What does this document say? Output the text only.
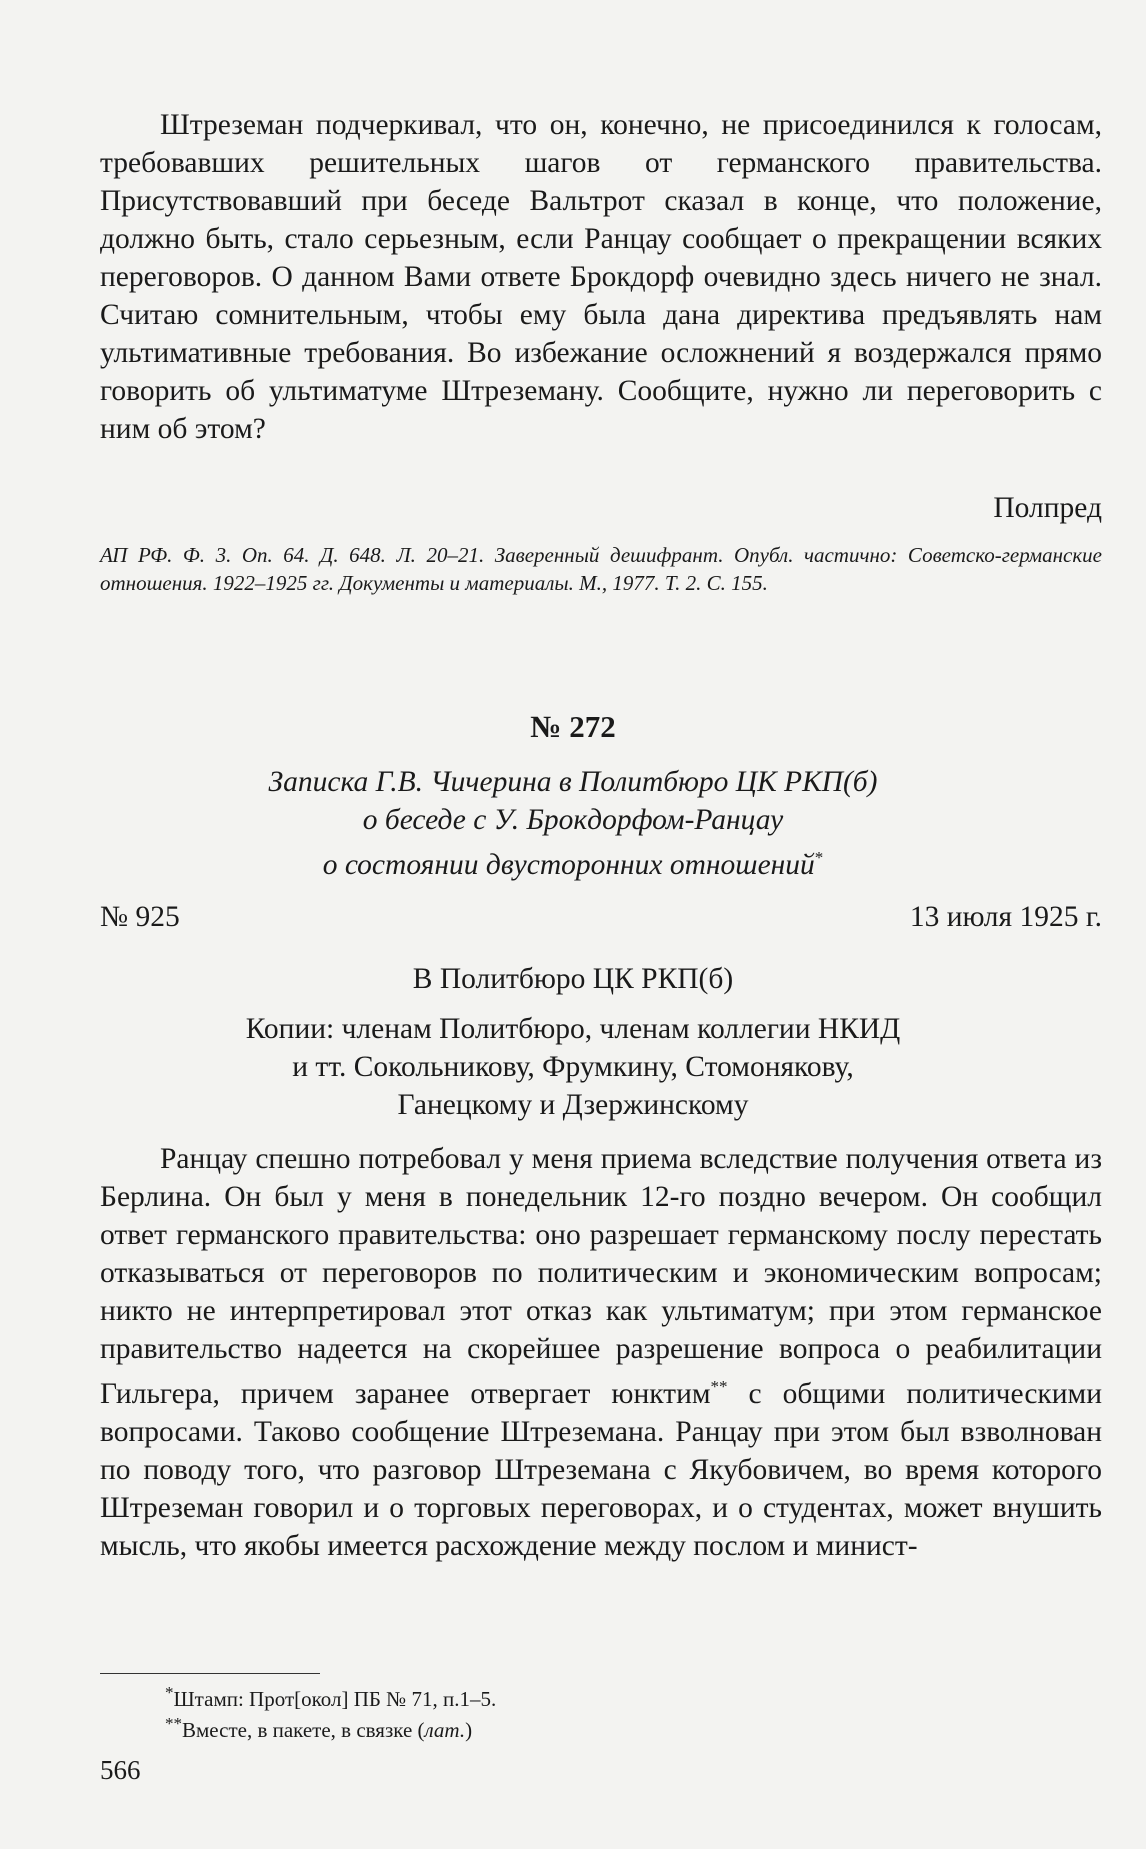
Штреземан подчеркивал, что он, конечно, не присоединился к голосам, требовавших решительных шагов от германского правительства. Присутствовавший при беседе Вальтрот сказал в конце, что положение, должно быть, стало серьезным, если Ранцау сообщает о прекращении всяких переговоров. О данном Вами ответе Брокдорф очевидно здесь ничего не знал. Считаю сомнительным, чтобы ему была дана директива предъявлять нам ультимативные требования. Во избежание осложнений я воздержался прямо говорить об ультиматуме Штреземану. Сообщите, нужно ли переговорить с ним об этом?

Полпред

АП РФ. Ф. 3. Оп. 64. Д. 648. Л. 20–21. Заверенный дешифрант. Опубл. частично: Советско-германские отношения. 1922–1925 гг. Документы и материалы. М., 1977. Т. 2. С. 155.

№ 272
Записка Г.В. Чичерина в Политбюро ЦК РКП(б)
о беседе с У. Брокдорфом-Ранцау
о состоянии двусторонних отношений*
№ 925	13 июля 1925 г.
В Политбюро ЦК РКП(б)
Копии: членам Политбюро, членам коллегии НКИД
и тт. Сокольникову, Фрумкину, Стомонякову,
Ганецкому и Дзержинскому

Ранцау спешно потребовал у меня приема вследствие получения ответа из Берлина. Он был у меня в понедельник 12-го поздно вечером. Он сообщил ответ германского правительства: оно разрешает германскому послу перестать отказываться от переговоров по политическим и экономическим вопросам; никто не интерпретировал этот отказ как ультиматум; при этом германское правительство надеется на скорейшее разрешение вопроса о реабилитации Гильгера, причем заранее отвергает юнктим** с общими политическими вопросами. Таково сообщение Штреземана. Ранцау при этом был взволнован по поводу того, что разговор Штреземана с Якубовичем, во время которого Штреземан говорил и о торговых переговорах, и о студентах, может внушить мысль, что якобы имеется расхождение между послом и минист-

*Штамп: Прот[окол] ПБ № 71, п.1–5.
**Вместе, в пакете, в связке (лат.)
566
